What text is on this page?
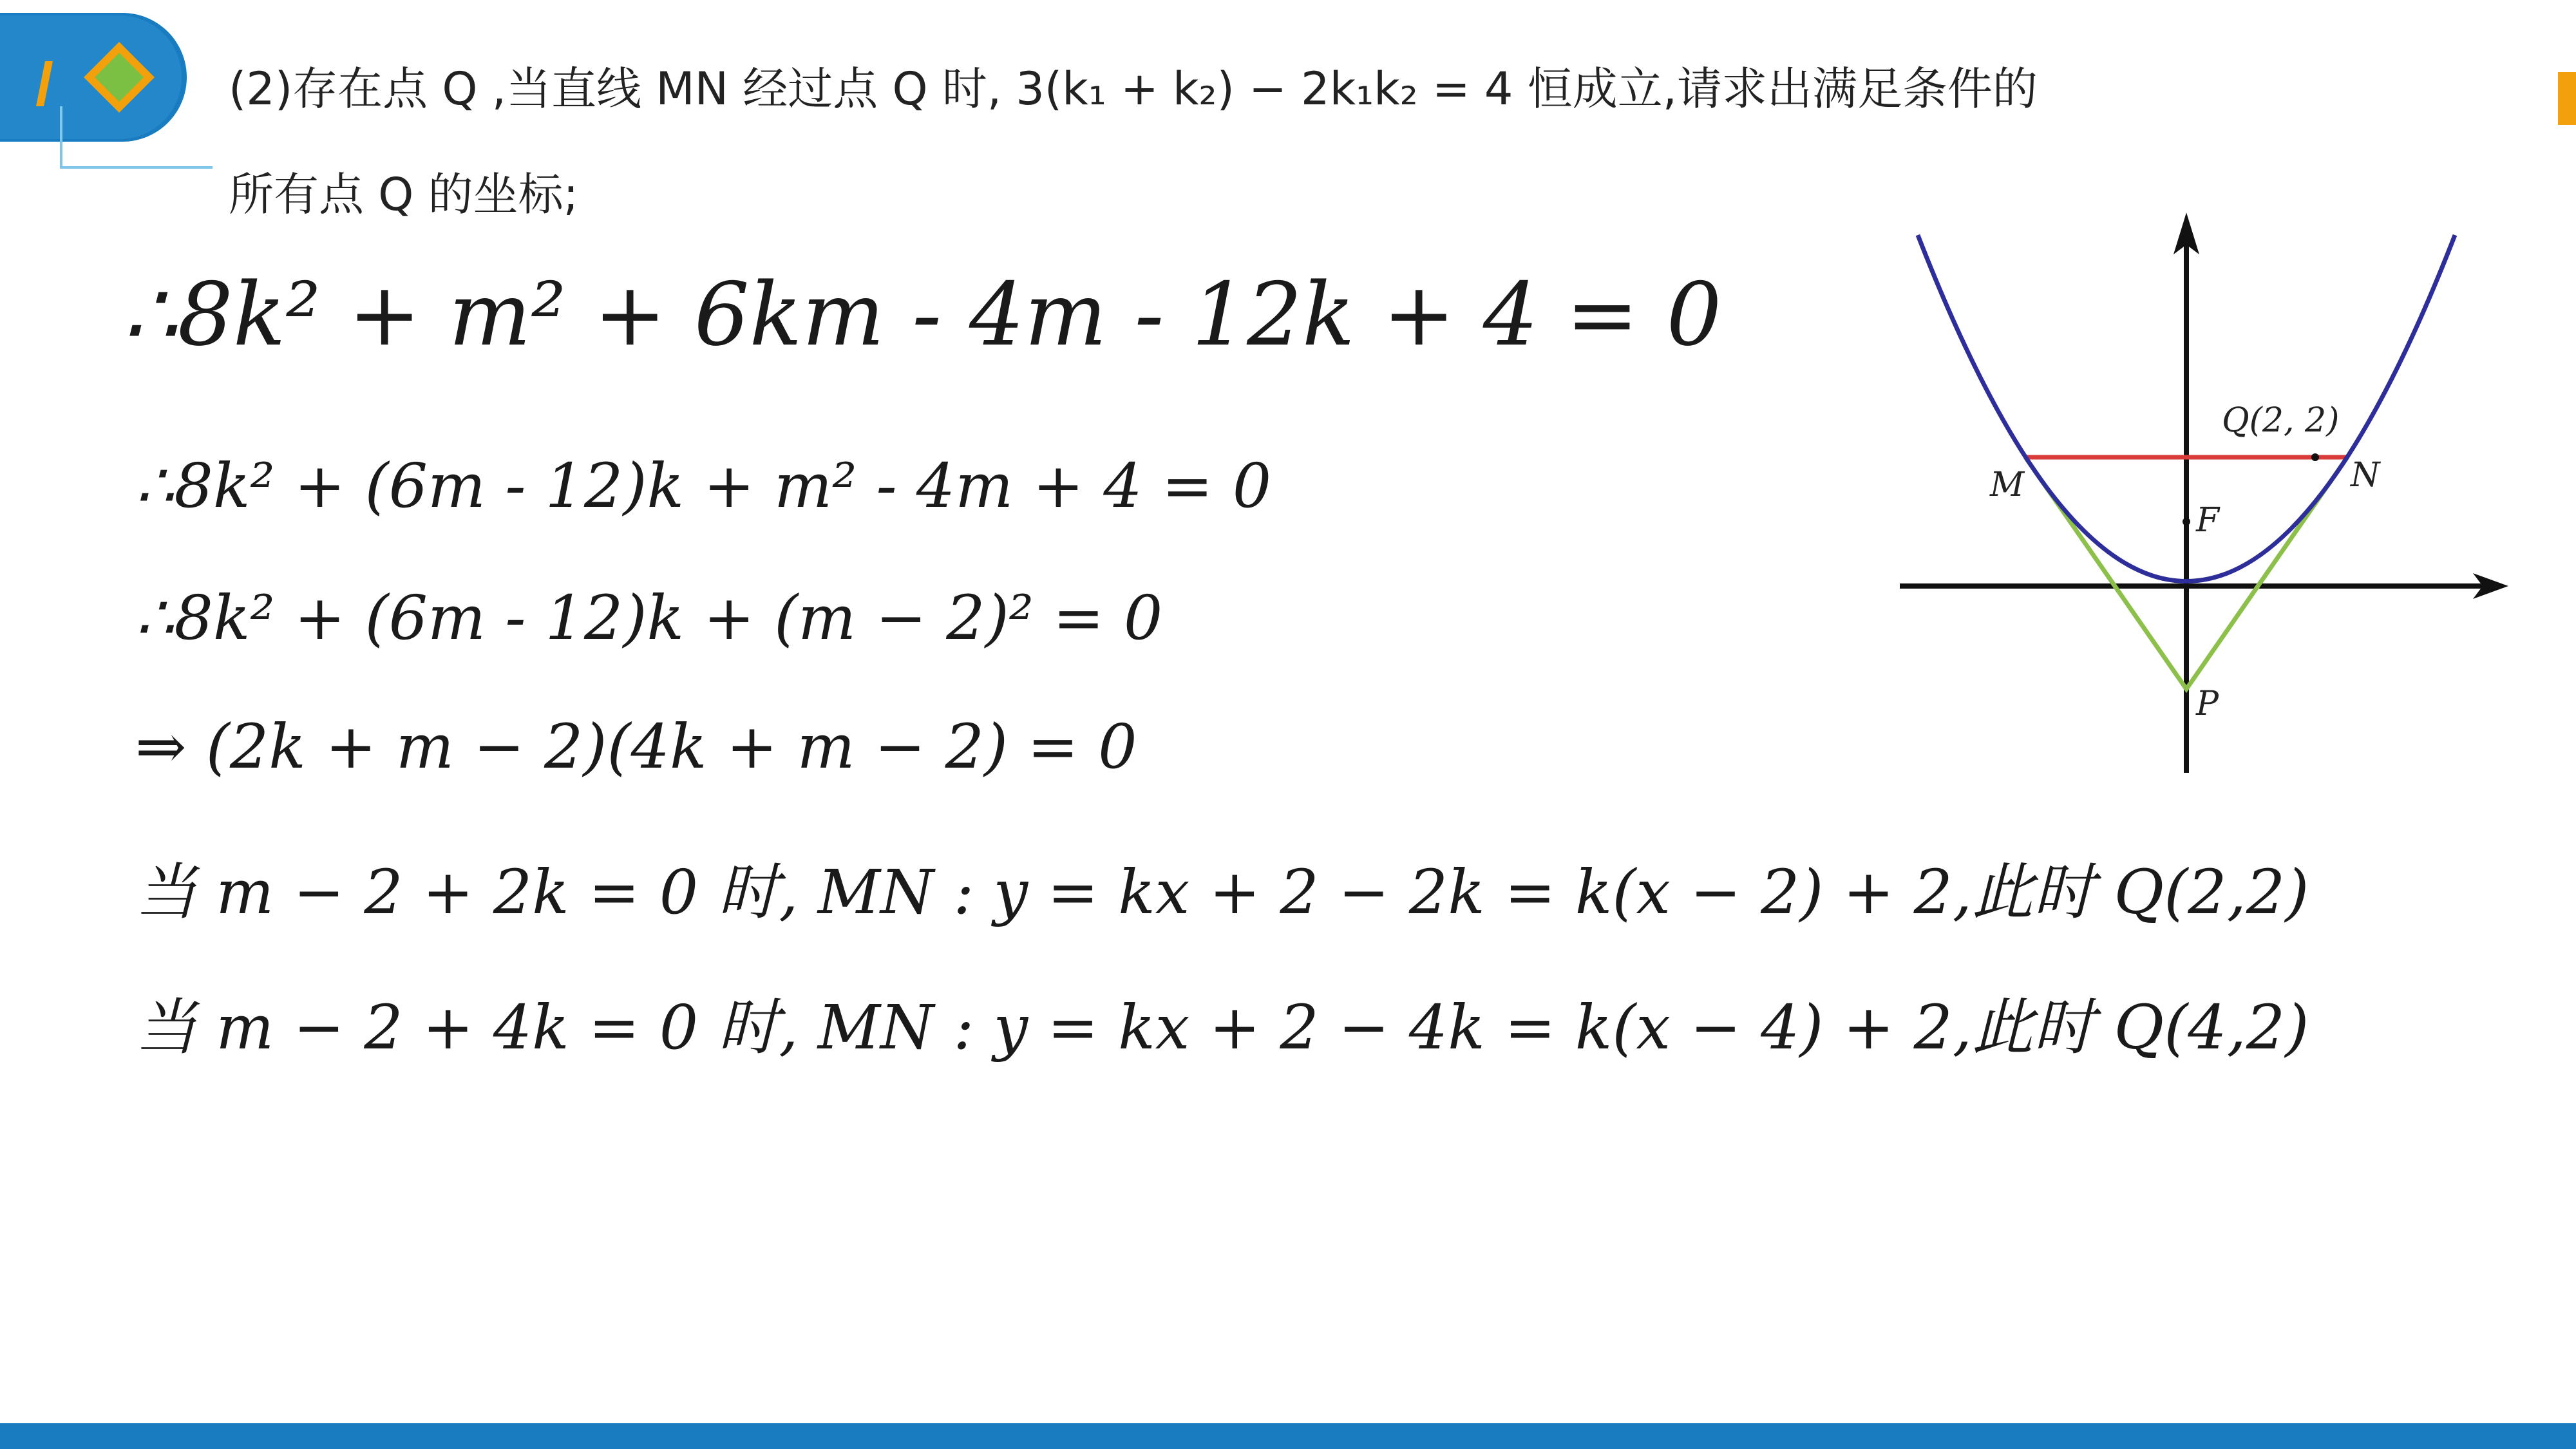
(2)存在点 Q ,当直线 MN 经过点 Q 时, 3(k₁ + k₂) − 2k₁k₂ = 4 恒成立,请求出满足条件的
所有点 Q 的坐标;
∴8k² + m² + 6km - 4m - 12k + 4 = 0
∴8k² + (6m - 12)k + m² - 4m + 4 = 0
∴8k² + (6m - 12)k + (m − 2)² = 0
⇒ (2k + m − 2)(4k + m − 2) = 0
当 m − 2 + 2k = 0 时, MN : y = kx + 2 − 2k = k(x − 2) + 2,此时 Q(2,2)
当 m − 2 + 4k = 0 时, MN : y = kx + 2 − 4k = k(x − 4) + 2,此时 Q(4,2)
Q(2, 2)
M	N
F
P
